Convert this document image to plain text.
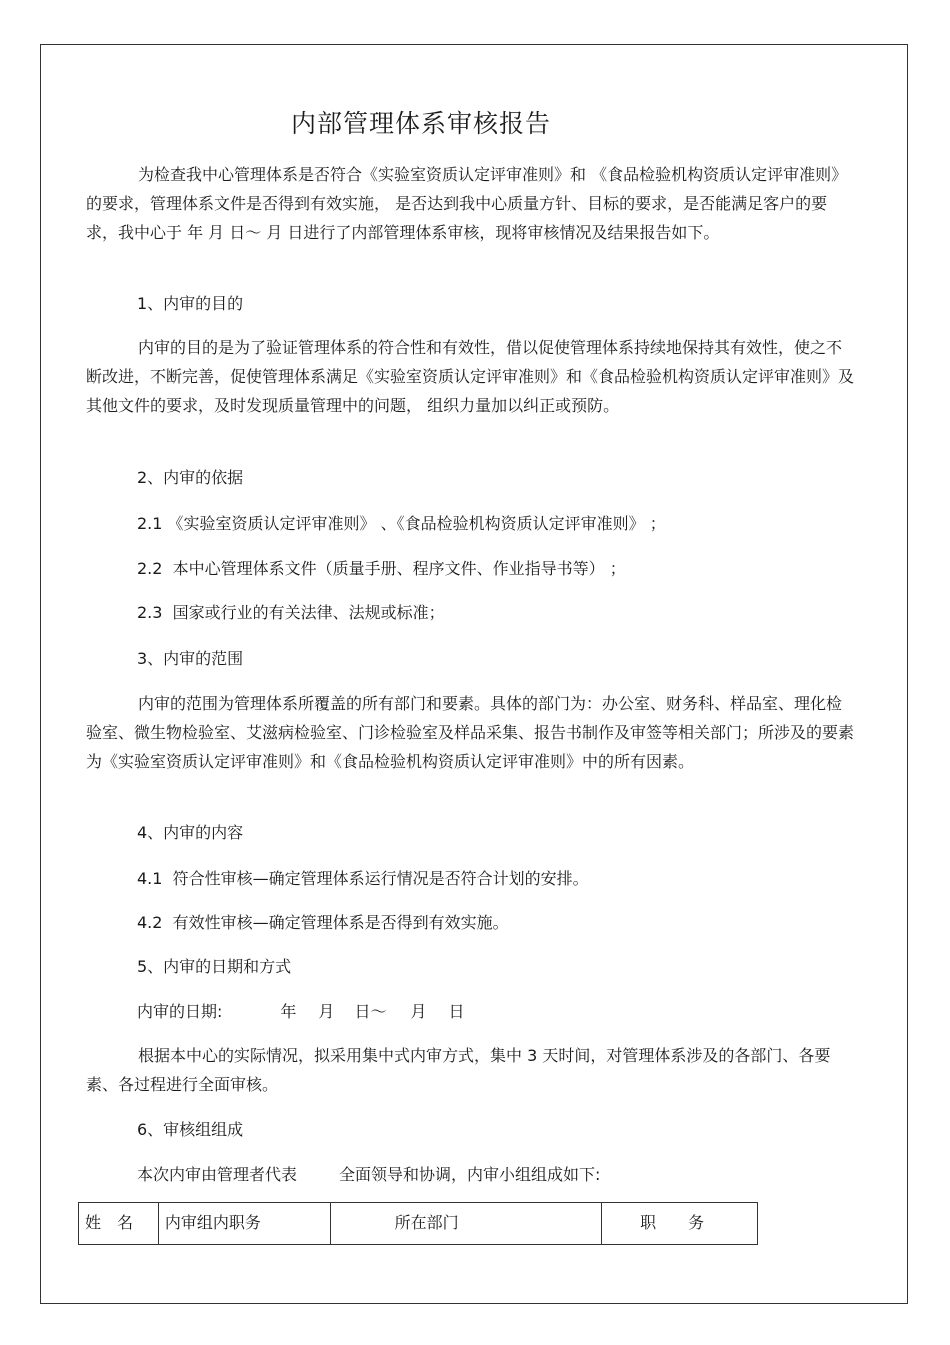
内部管理体系审核报告

为检查我中心管理体系是否符合《实验室资质认定评审准则》和 《食品检验机构资质认定评审准则》的要求，管理体系文件是否得到有效实施， 是否达到我中心质量方针、目标的要求，是否能满足客户的要求，我中心于 年 月 日～ 月 日进行了内部管理体系审核，现将审核情况及结果报告如下。

1、内审的目的

内审的目的是为了验证管理体系的符合性和有效性，借以促使管理体系持续地保持其有效性，使之不断改进，不断完善，促使管理体系满足《实验室资质认定评审准则》和《食品检验机构资质认定评审准则》及其他文件的要求，及时发现质量管理中的问题， 组织力量加以纠正或预防。

2、内审的依据
2.1 《实验室资质认定评审准则》 、《食品检验机构资质认定评审准则》 ；
2.2  本中心管理体系文件（质量手册、程序文件、作业指导书等） ；
2.3  国家或行业的有关法律、法规或标准；
3、内审的范围

内审的范围为管理体系所覆盖的所有部门和要素。具体的部门为：办公室、财务科、样品室、理化检验室、微生物检验室、艾滋病检验室、门诊检验室及样品采集、报告书制作及审签等相关部门；所涉及的要素为《实验室资质认定评审准则》和《食品检验机构资质认定评审准则》中的所有因素。

4、内审的内容
4.1  符合性审核—确定管理体系运行情况是否符合计划的安排。
4.2  有效性审核—确定管理体系是否得到有效实施。
5、内审的日期和方式
内审的日期:	年 月 日～ 月 日

根据本中心的实际情况，拟采用集中式内审方式，集中 3 天时间，对管理体系涉及的各部门、各要素、各过程进行全面审核。

6、审核组组成
本次内审由管理者代表	全面领导和协调，内审小组组成如下:
姓　名	内审组内职务	所在部门	职　　务
